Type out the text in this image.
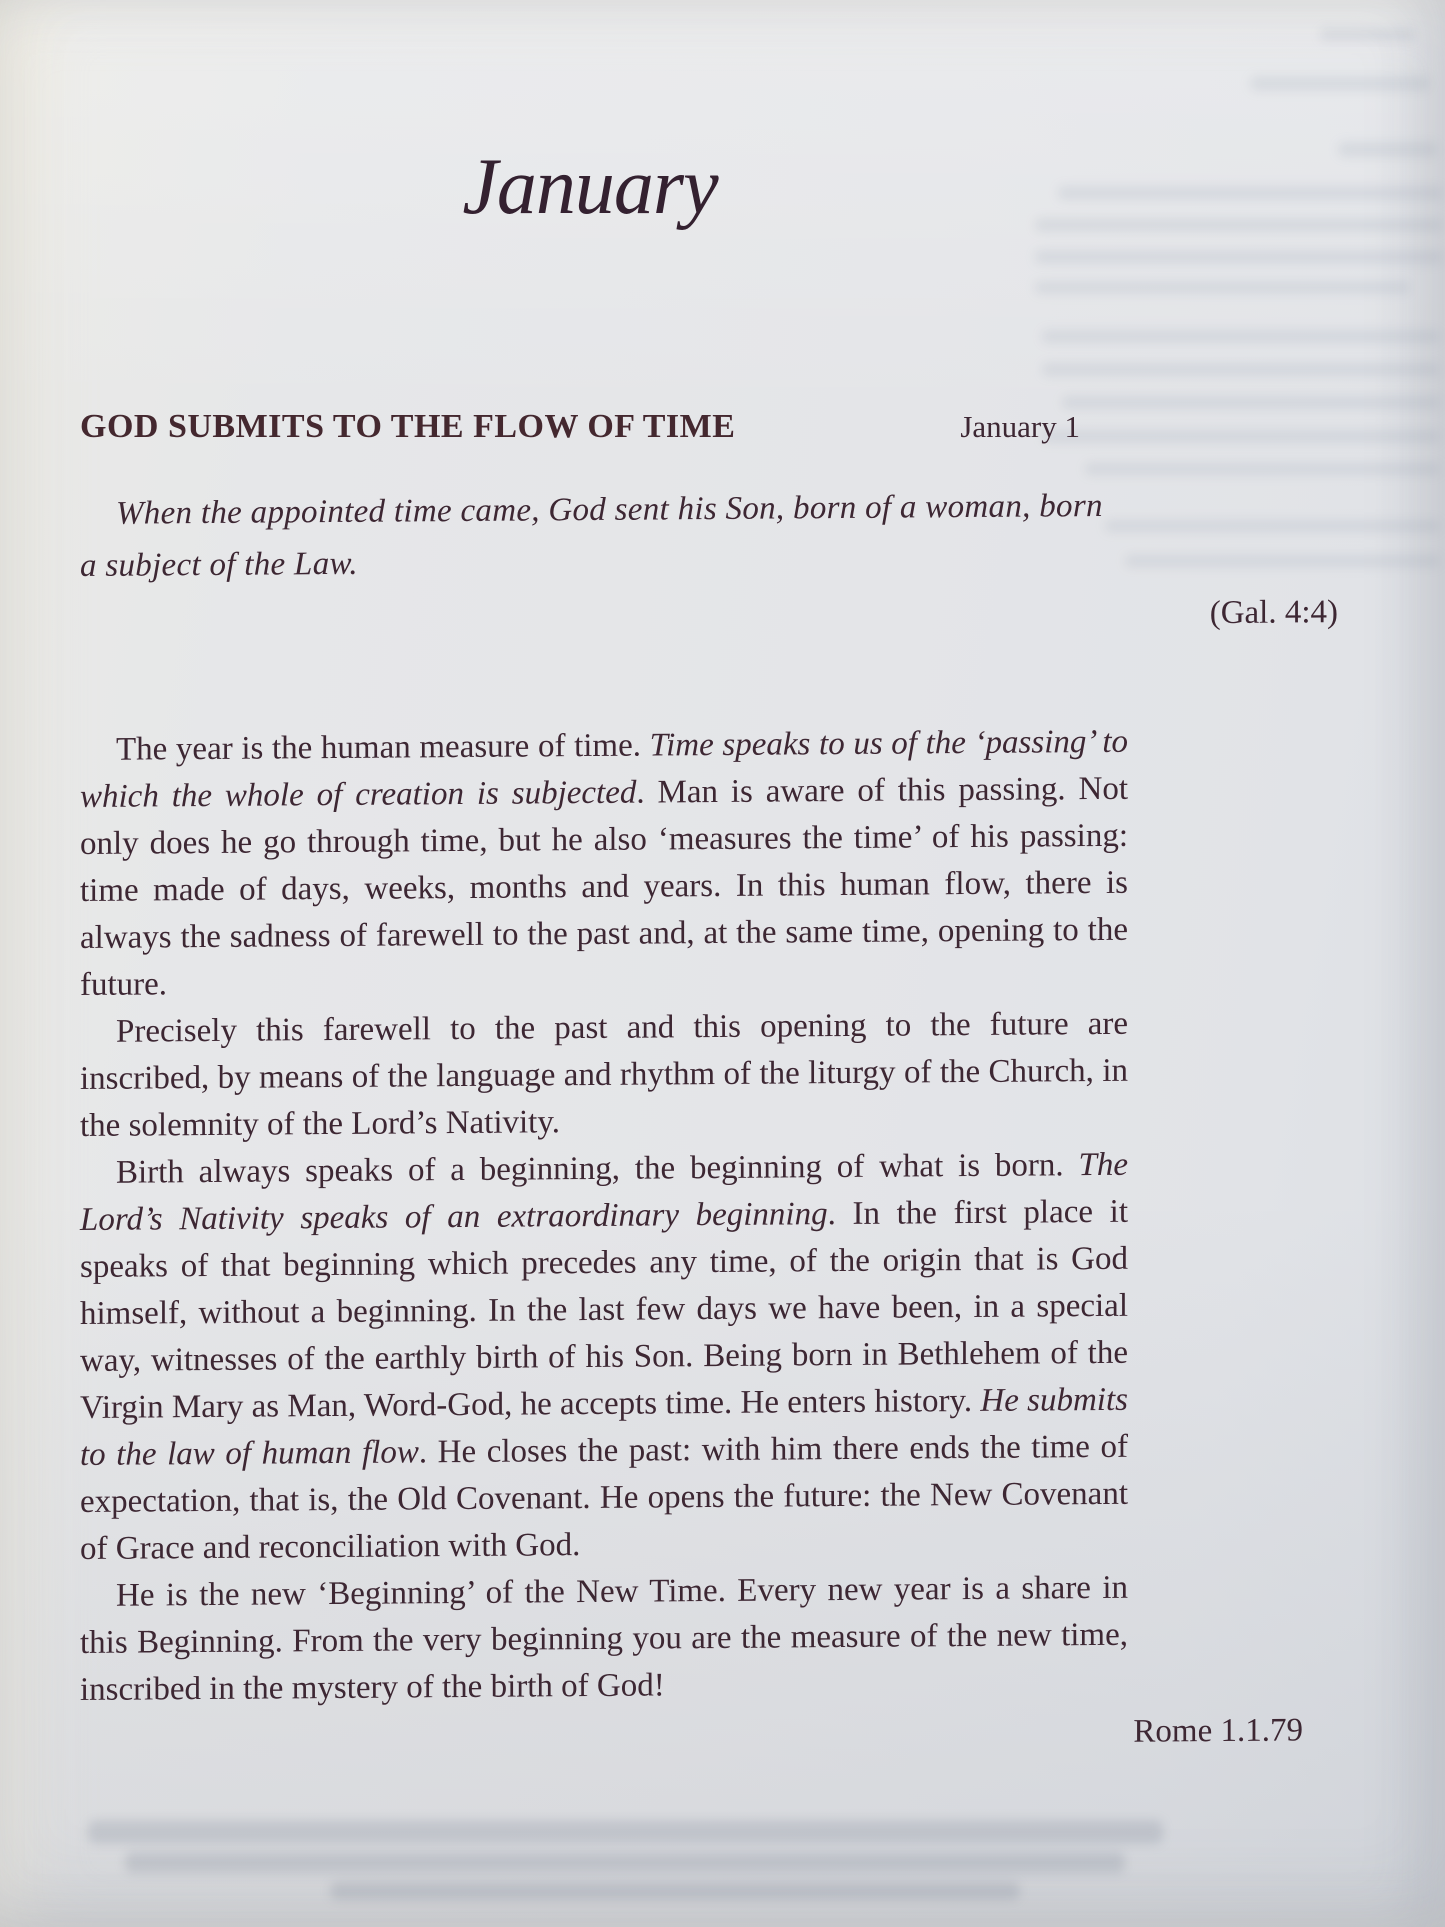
January
GOD SUBMITS TO THE FLOW OF TIME	January 1

When the appointed time came, God sent his Son, born of a woman, born a subject of the Law.

(Gal. 4:4)

The year is the human measure of time. Time speaks to us of the ‘passing’ to which the whole of creation is subjected. Man is aware of this passing. Not only does he go through time, but he also ‘measures the time’ of his passing: time made of days, weeks, months and years. In this human flow, there is always the sadness of farewell to the past and, at the same time, opening to the future.

Precisely this farewell to the past and this opening to the future are inscribed, by means of the language and rhythm of the liturgy of the Church, in the solemnity of the Lord’s Nativity.

Birth always speaks of a beginning, the beginning of what is born. The Lord’s Nativity speaks of an extraordinary beginning. In the first place it speaks of that beginning which precedes any time, of the origin that is God himself, without a beginning. In the last few days we have been, in a special way, witnesses of the earthly birth of his Son. Being born in Bethlehem of the Virgin Mary as Man, Word-God, he accepts time. He enters history. He submits to the law of human flow. He closes the past: with him there ends the time of expectation, that is, the Old Covenant. He opens the future: the New Covenant of Grace and reconciliation with God.

He is the new ‘Beginning’ of the New Time. Every new year is a share in this Beginning. From the very beginning you are the measure of the new time, inscribed in the mystery of the birth of God!

Rome 1.1.79
